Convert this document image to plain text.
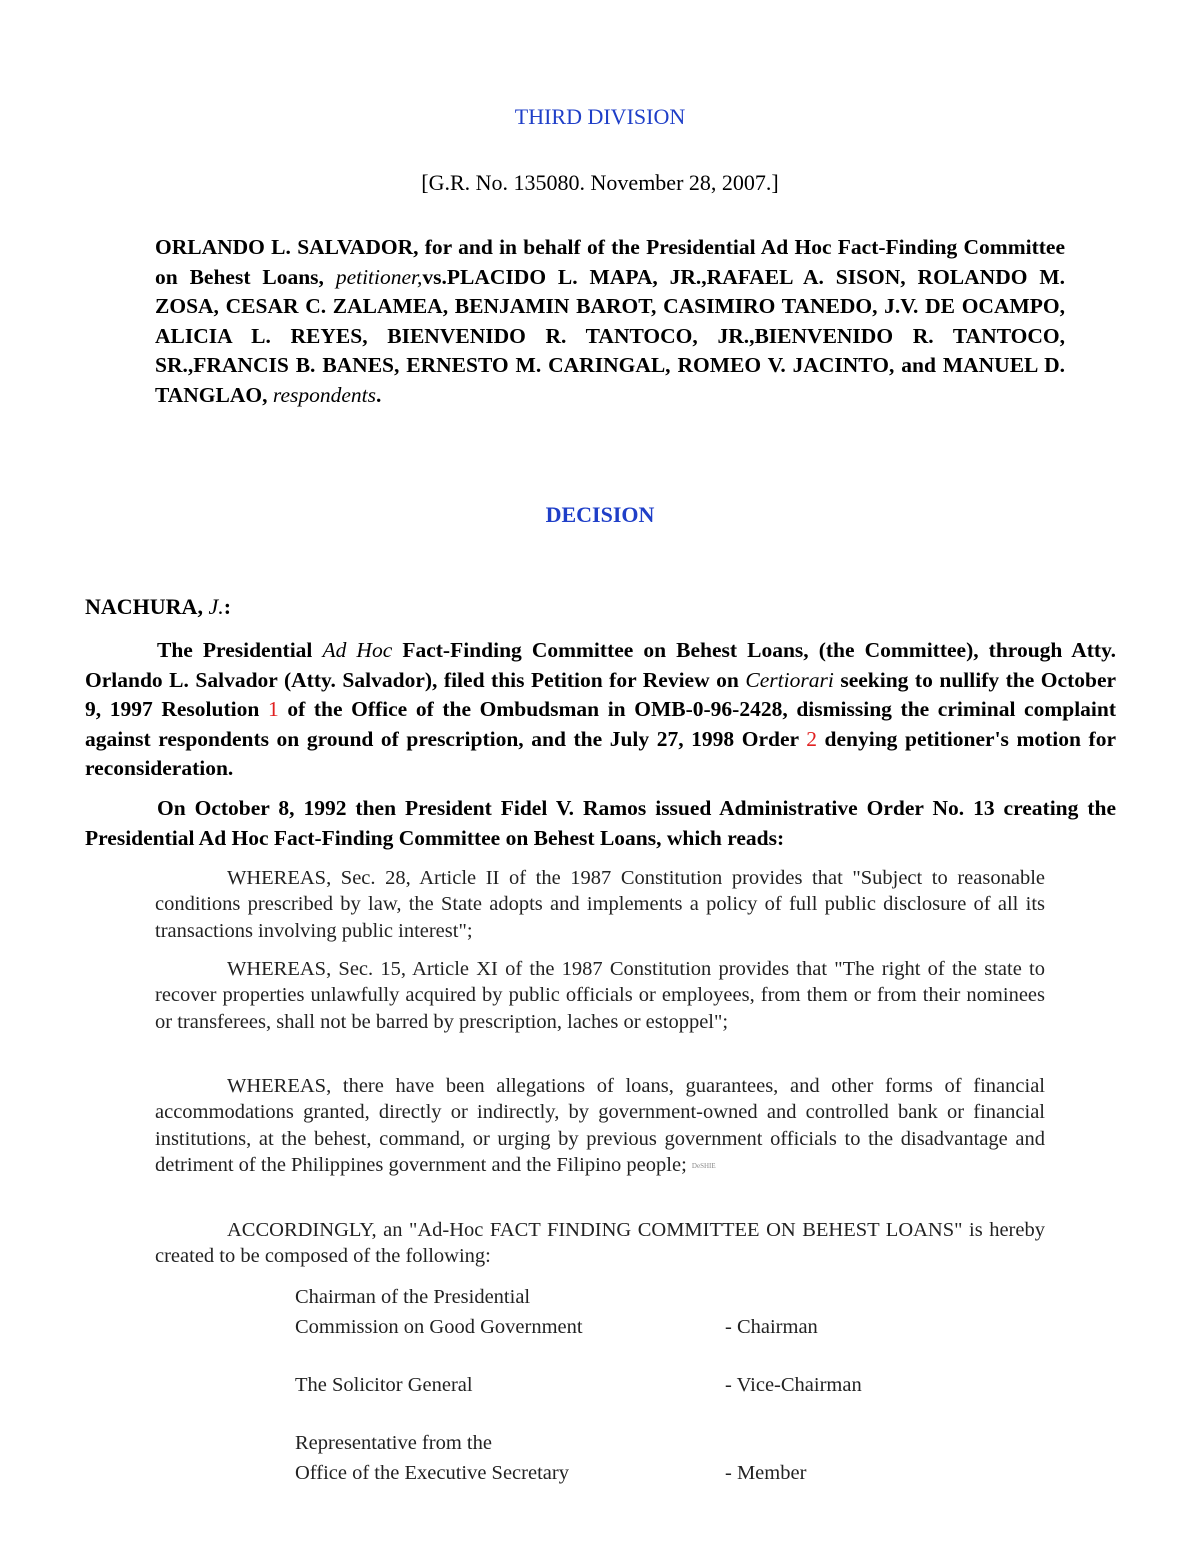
THIRD DIVISION
[G.R. No. 135080. November 28, 2007.]
ORLANDO L. SALVADOR, for and in behalf of the Presidential Ad Hoc Fact-Finding Committee on Behest Loans, petitioner,vs.PLACIDO L. MAPA, JR.,RAFAEL A. SISON, ROLANDO M. ZOSA, CESAR C. ZALAMEA, BENJAMIN BAROT, CASIMIRO TANEDO, J.V. DE OCAMPO, ALICIA L. REYES, BIENVENIDO R. TANTOCO, JR.,BIENVENIDO R. TANTOCO, SR.,FRANCIS B. BANES, ERNESTO M. CARINGAL, ROMEO V. JACINTO, and MANUEL D. TANGLAO, respondents.
DECISION
NACHURA, J.:
The Presidential Ad Hoc Fact-Finding Committee on Behest Loans, (the Committee), through Atty. Orlando L. Salvador (Atty. Salvador), filed this Petition for Review on Certiorari seeking to nullify the October 9, 1997 Resolution 1 of the Office of the Ombudsman in OMB-0-96-2428, dismissing the criminal complaint against respondents on ground of prescription, and the July 27, 1998 Order 2 denying petitioner's motion for reconsideration.
On October 8, 1992 then President Fidel V. Ramos issued Administrative Order No. 13 creating the Presidential Ad Hoc Fact-Finding Committee on Behest Loans, which reads:
WHEREAS, Sec. 28, Article II of the 1987 Constitution provides that "Subject to reasonable conditions prescribed by law, the State adopts and implements a policy of full public disclosure of all its transactions involving public interest";
WHEREAS, Sec. 15, Article XI of the 1987 Constitution provides that "The right of the state to recover properties unlawfully acquired by public officials or employees, from them or from their nominees or transferees, shall not be barred by prescription, laches or estoppel";
WHEREAS, there have been allegations of loans, guarantees, and other forms of financial accommodations granted, directly or indirectly, by government-owned and controlled bank or financial institutions, at the behest, command, or urging by previous government officials to the disadvantage and detriment of the Philippines government and the Filipino people; DeSHIE
ACCORDINGLY, an "Ad-Hoc FACT FINDING COMMITTEE ON BEHEST LOANS" is hereby created to be composed of the following:
Chairman of the Presidential
Commission on Good Government	- Chairman
The Solicitor General	- Vice-Chairman
Representative from the
Office of the Executive Secretary	- Member
